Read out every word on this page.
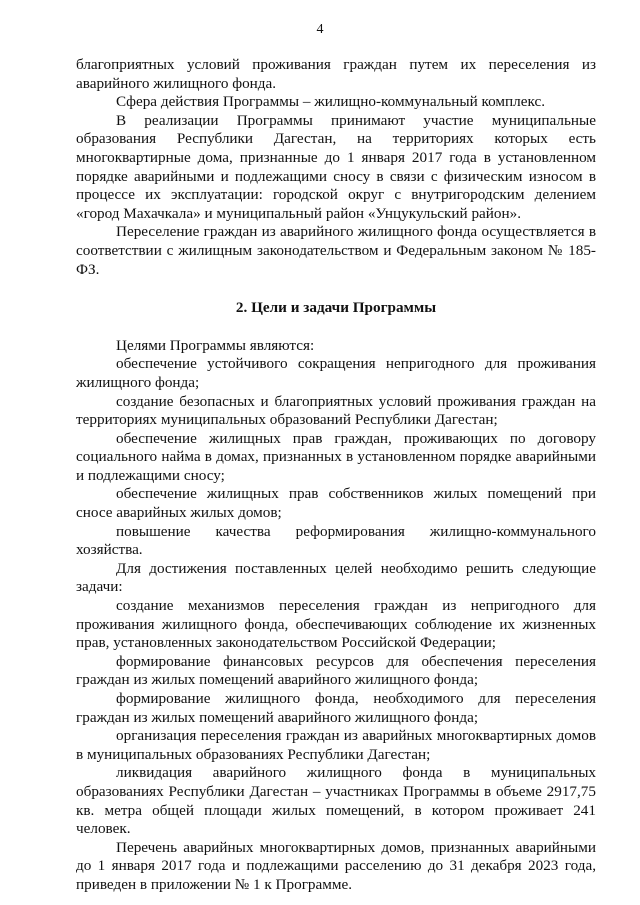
4

благоприятных условий проживания граждан путем их переселения из аварийного жилищного фонда.

Сфера действия Программы – жилищно-коммунальный комплекс.

В реализации Программы принимают участие муниципальные образования Республики Дагестан, на территориях которых есть многоквартирные дома, признанные до 1 января 2017 года в установленном порядке аварийными и подлежащими сносу в связи с физическим износом в процессе их эксплуатации: городской округ с внутригородским делением «город Махачкала» и муниципальный район «Унцукульский район».

Переселение граждан из аварийного жилищного фонда осуществляется в соответствии с жилищным законодательством и Федеральным законом № 185-ФЗ.

2. Цели и задачи Программы

Целями Программы являются:

обеспечение устойчивого сокращения непригодного для проживания жилищного фонда;

создание безопасных и благоприятных условий проживания граждан на территориях муниципальных образований Республики Дагестан;

обеспечение жилищных прав граждан, проживающих по договору социального найма в домах, признанных в установленном порядке аварийными и подлежащими сносу;

обеспечение жилищных прав собственников жилых помещений при сносе аварийных жилых домов;

повышение качества реформирования жилищно-коммунального хозяйства.

Для достижения поставленных целей необходимо решить следующие задачи:

создание механизмов переселения граждан из непригодного для проживания жилищного фонда, обеспечивающих соблюдение их жизненных прав, установленных законодательством Российской Федерации;

формирование финансовых ресурсов для обеспечения переселения граждан из жилых помещений аварийного жилищного фонда;

формирование жилищного фонда, необходимого для переселения граждан из жилых помещений аварийного жилищного фонда;

организация переселения граждан из аварийных многоквартирных домов в муниципальных образованиях Республики Дагестан;

ликвидация аварийного жилищного фонда в муниципальных образованиях Республики Дагестан – участниках Программы в объеме 2917,75 кв. метра общей площади жилых помещений, в котором проживает 241 человек.

Перечень аварийных многоквартирных домов, признанных аварийными до 1 января 2017 года и подлежащими расселению до 31 декабря 2023 года, приведен в приложении № 1 к Программе.
